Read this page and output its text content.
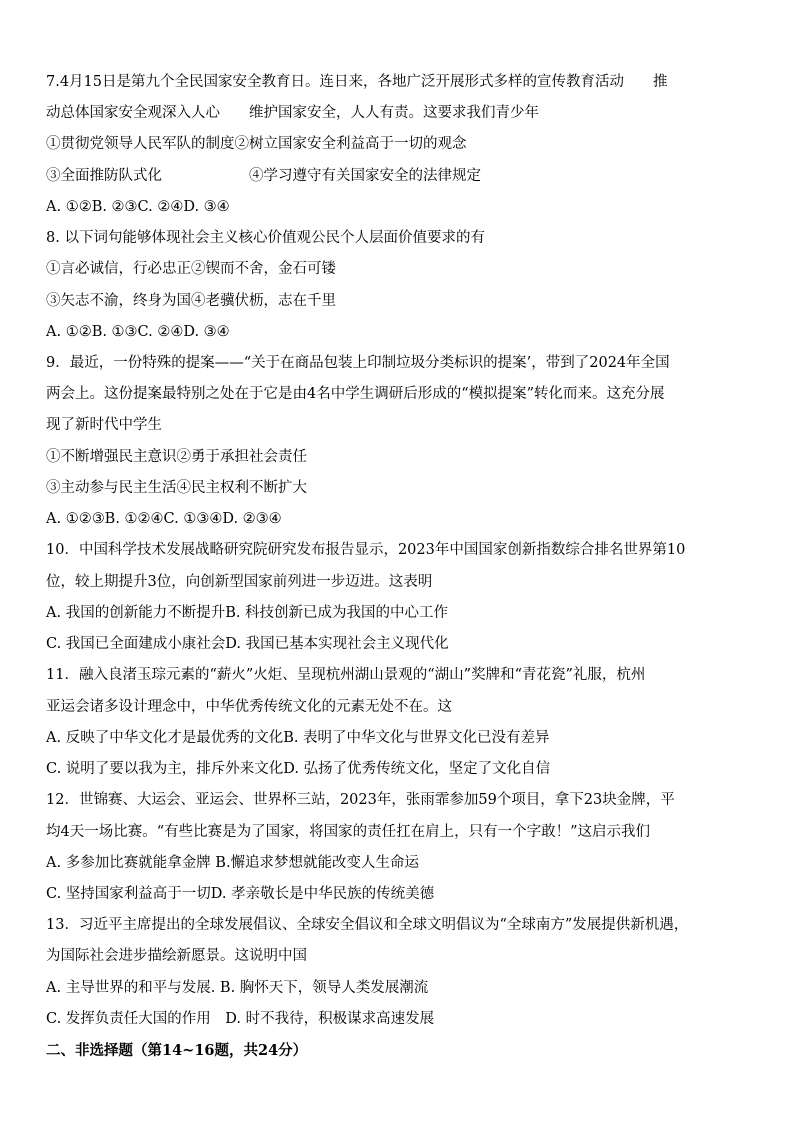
7.4月15日是第九个全民国家安全教育日。连日来，各地广泛开展形式多样的宣传教育活动　　推
动总体国家安全观深入人心　　维护国家安全，人人有责。这要求我们青少年
①贯彻党领导人民军队的制度②树立国家安全利益高于一切的观念
③全面推防队式化　　　　　　④学习遵守有关国家安全的法律规定
A. ①②B. ②③C. ②④D. ③④
8. 以下词句能够体现社会主义核心价值观公民个人层面价值要求的有
①言必诚信，行必忠正②锲而不舍，金石可镂
③矢志不渝，终身为国④老骥伏枥，志在千里
A. ①②B. ①③C. ②④D. ③④
9．最近，一份特殊的提案——“关于在商品包装上印制垃圾分类标识的提案’，带到了2024年全国
两会上。这份提案最特别之处在于它是由4名中学生调研后形成的“模拟提案”转化而来。这充分展
现了新时代中学生
①不断增强民主意识②勇于承担社会责任
③主动参与民主生活④民主权利不断扩大
A. ①②③B. ①②④C. ①③④D. ②③④
10．中国科学技术发展战略研究院研究发布报告显示，2023年中国国家创新指数综合排名世界第10
位，较上期提升3位，向创新型国家前列进一步迈进。这表明
A. 我国的创新能力不断提升B. 科技创新已成为我国的中心工作
C. 我国已全面建成小康社会D. 我国已基本实现社会主义现代化
11．融入良渚玉琮元素的“薪火”火炬、呈现杭州湖山景观的“湖山”奖牌和“青花瓷”礼服，杭州
亚运会诸多设计理念中，中华优秀传统文化的元素无处不在。这
A. 反映了中华文化才是最优秀的文化B. 表明了中华文化与世界文化已没有差异
C. 说明了要以我为主，排斥外来文化D. 弘扬了优秀传统文化，坚定了文化自信
12．世锦赛、大运会、亚运会、世界杯三站，2023年，张雨霏参加59个项目，拿下23块金牌，平
均4天一场比赛。“有些比赛是为了国家，将国家的责任扛在肩上，只有一个字敢！”这启示我们
A. 多参加比赛就能拿金牌 B.懈追求梦想就能改变人生命运
C. 坚持国家利益高于一切D. 孝亲敬长是中华民族的传统美德
13．习近平主席提出的全球发展倡议、全球安全倡议和全球文明倡议为“全球南方”发展提供新机遇，
为国际社会进步描绘新愿景。这说明中国
A. 主导世界的和平与发展. B. 胸怀天下，领导人类发展潮流
C. 发挥负责任大国的作用　D. 时不我待，积极谋求高速发展
二、非选择题（第14~16题，共24分）
